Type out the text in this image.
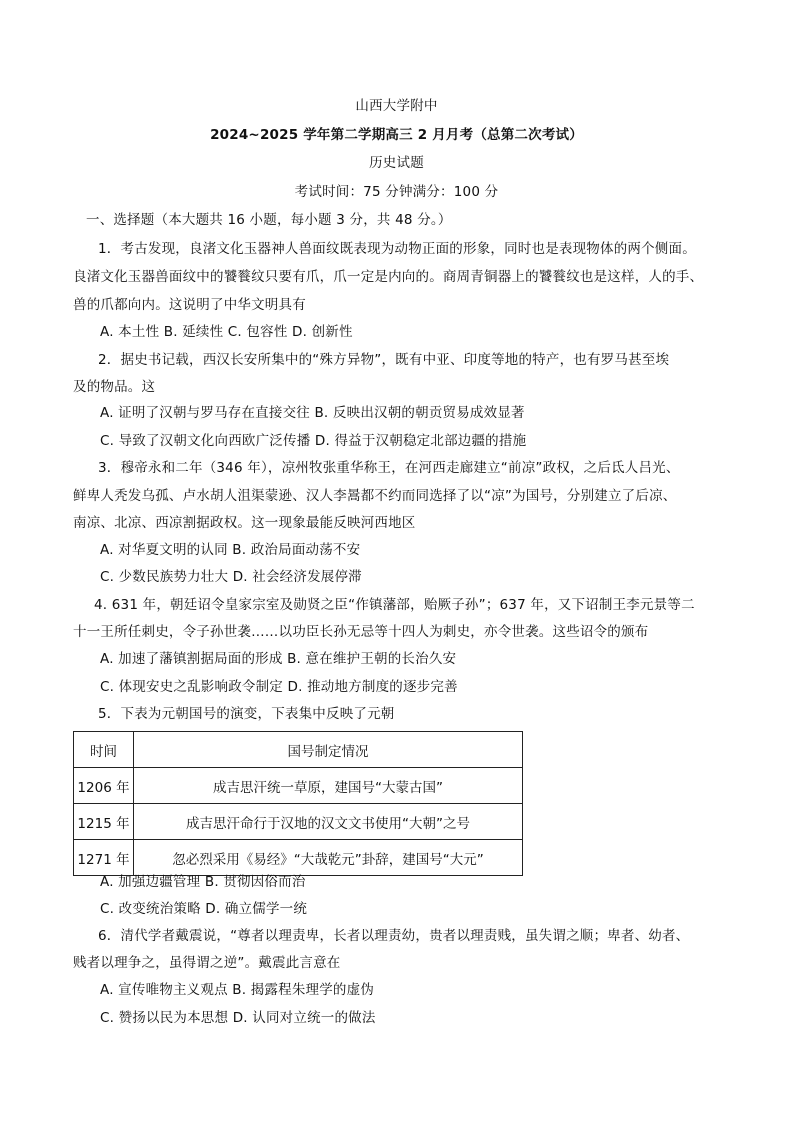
山西大学附中
2024~2025 学年第二学期高三 2 月月考（总第二次考试）
历史试题
考试时间：75 分钟满分：100 分
一、选择题（本大题共 16 小题，每小题 3 分，共 48 分。）
1．考古发现，良渚文化玉器神人兽面纹既表现为动物正面的形象，同时也是表现物体的两个侧面。
良渚文化玉器兽面纹中的饕餮纹只要有爪，爪一定是内向的。商周青铜器上的饕餮纹也是这样，人的手、
兽的爪都向内。这说明了中华文明具有
A. 本土性 B. 延续性 C. 包容性 D. 创新性
2．据史书记载，西汉长安所集中的“殊方异物”，既有中亚、印度等地的特产，也有罗马甚至埃
及的物品。这
A. 证明了汉朝与罗马存在直接交往 B. 反映出汉朝的朝贡贸易成效显著
C. 导致了汉朝文化向西欧广泛传播 D. 得益于汉朝稳定北部边疆的措施
3．穆帝永和二年（346 年），凉州牧张重华称王，在河西走廊建立“前凉”政权，之后氐人吕光、
鲜卑人秃发乌孤、卢水胡人沮渠蒙逊、汉人李暠都不约而同选择了以“凉”为国号，分别建立了后凉、
南凉、北凉、西凉割据政权。这一现象最能反映河西地区
A. 对华夏文明的认同 B. 政治局面动荡不安
C. 少数民族势力壮大 D. 社会经济发展停滞
4. 631 年，朝廷诏令皇家宗室及勋贤之臣“作镇藩部，贻厥子孙”；637 年，又下诏制王李元景等二
十一王所任刺史，令子孙世袭……以功臣长孙无忌等十四人为刺史，亦令世袭。这些诏令的颁布
A. 加速了藩镇割据局面的形成 B. 意在维护王朝的长治久安
C. 体现安史之乱影响政令制定 D. 推动地方制度的逐步完善
5．下表为元朝国号的演变，下表集中反映了元朝
时间	国号制定情况
1206 年	成吉思汗统一草原，建国号“大蒙古国”
1215 年	成吉思汗命行于汉地的汉文文书使用“大朝”之号
1271 年	忽必烈采用《易经》“大哉乾元”卦辞，建国号“大元”
A. 加强边疆管理 B. 贯彻因俗而治
C. 改变统治策略 D. 确立儒学一统
6．清代学者戴震说，“尊者以理责卑，长者以理责幼，贵者以理责贱，虽失谓之顺；卑者、幼者、
贱者以理争之，虽得谓之逆”。戴震此言意在
A. 宣传唯物主义观点 B. 揭露程朱理学的虚伪
C. 赞扬以民为本思想 D. 认同对立统一的做法
